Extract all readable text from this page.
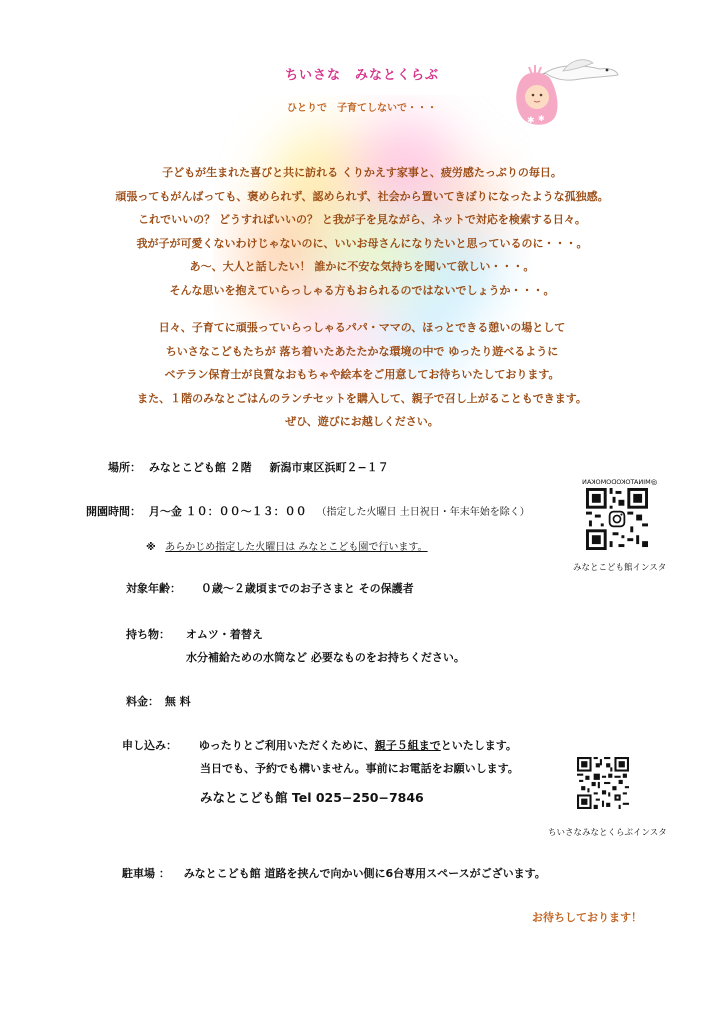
ちいさな　みなとくらぶ
ひとりで　子育てしないで・・・
✱ ✱
子どもが生まれた喜びと共に訪れる くりかえす家事と、疲労感たっぷりの毎日。
頑張ってもがんばっても、褒められず、認められず、社会から置いてきぼりになったような孤独感。
これでいいの？ どうすればいいの？ と我が子を見ながら、ネットで対応を検索する日々。
我が子が可愛くないわけじゃないのに、いいお母さんになりたいと思っているのに・・・。
あ～、大人と話したい！ 誰かに不安な気持ちを聞いて欲しい・・・。
そんな思いを抱えていらっしゃる方もおられるのではないでしょうか・・・。
日々、子育てに頑張っていらっしゃるパパ・ママの、ほっとできる憩いの場として
ちいさなこどもたちが 落ち着いたあたたかな環境の中で ゆったり遊べるように
ベテラン保育士が良質なおもちゃや絵本をご用意してお待ちいたしております。
また、１階のみなとごはんのランチセットを購入して、親子で召し上がることもできます。
ぜひ、遊びにお越しください。
場所： みなとこども館 ２階 新潟市東区浜町２−１７
開園時間： 月〜金 １０：００〜１３：００ （指定した火曜日 土日祝日・年末年始を除く）
※ あらかじめ指定した火曜日は みなとこども園で行います。
対象年齢： ０歳〜２歳頃までのお子さまと その保護者
持ち物： オムツ・着替え
水分補給ための水筒など 必要なものをお持ちください。
料金： 無 料
申し込み： ゆったりとご利用いただくために、親子５組までといたします。
当日でも、予約でも構いません。事前にお電話をお願いします。
みなとこども館 Tel 025−250−7846
駐車場 ： みなとこども館 道路を挟んで向かい側に6台専用スペースがございます。
お待ちしております！
@MINATOKODOMOKAN
みなとこども館インスタ
ちいさなみなとくらぶインスタ
